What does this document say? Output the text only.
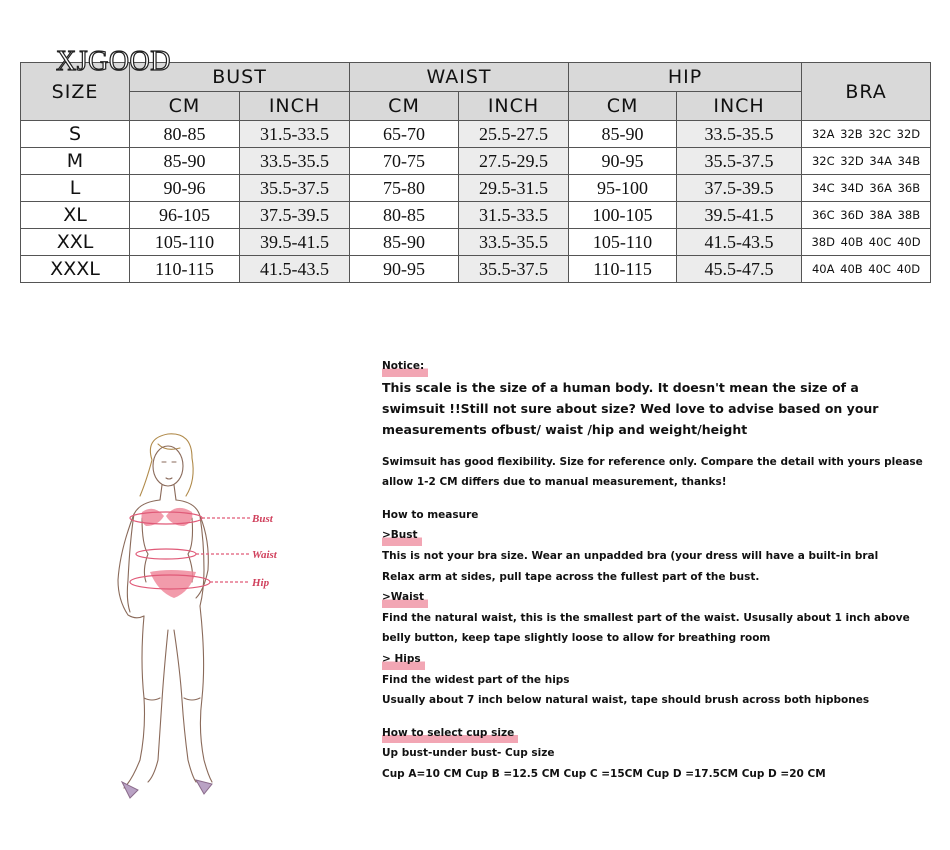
XJGOOD
SIZE	BUST		WAIST		HIP		BRA
	CM	INCH	CM	INCH	CM	INCH	
S	80-85	31.5-33.5	65-70	25.5-27.5	85-90	33.5-35.5	32A 32B 32C 32D
M	85-90	33.5-35.5	70-75	27.5-29.5	90-95	35.5-37.5	32C 32D 34A 34B
L	90-96	35.5-37.5	75-80	29.5-31.5	95-100	37.5-39.5	34C 34D 36A 36B
XL	96-105	37.5-39.5	80-85	31.5-33.5	100-105	39.5-41.5	36C 36D 38A 38B
XXL	105-110	39.5-41.5	85-90	33.5-35.5	105-110	41.5-43.5	38D 40B 40C 40D
XXXL	110-115	41.5-43.5	90-95	35.5-37.5	110-115	45.5-47.5	40A 40B 40C 40D
Bust
Waist
Hip
Notice:
This scale is the size of a human body. It doesn't mean the size of a
swimsuit !!Still not sure about size? Wed love to advise based on your
measurements ofbust/ waist /hip and weight/height
Swimsuit has good flexibility. Size for reference only. Compare the detail with yours please
allow 1-2 CM differs due to manual measurement, thanks!
How to measure
>Bust
This is not your bra size. Wear an unpadded bra (your dress will have a built-in bral
Relax arm at sides, pull tape across the fullest part of the bust.
>Waist
Find the natural waist, this is the smallest part of the waist. Ususally about 1 inch above
belly button, keep tape slightly loose to allow for breathing room
> Hips
Find the widest part of the hips
Usually about 7 inch below natural waist, tape should brush across both hipbones
How to select cup size
Up bust-under bust- Cup size
Cup A=10 CM Cup B =12.5 CM Cup C =15CM Cup D =17.5CM Cup D =20 CM
